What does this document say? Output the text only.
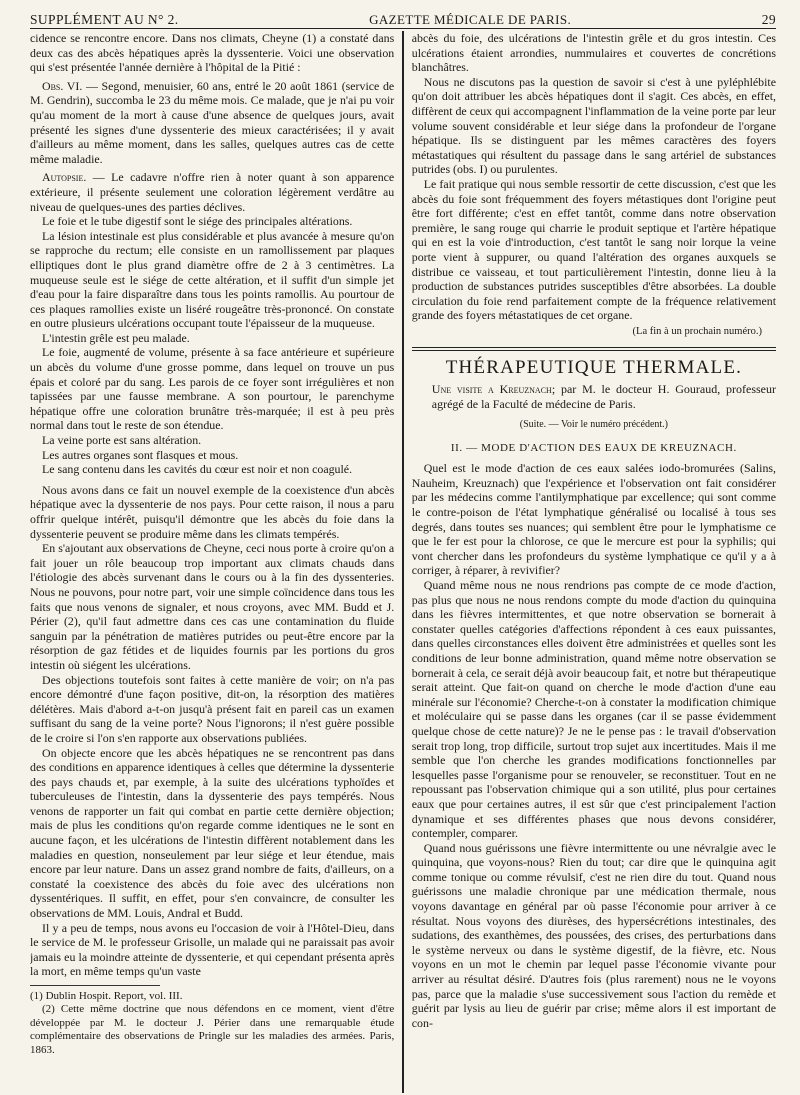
SUPPLÉMENT AU N° 2.	GAZETTE MÉDICALE DE PARIS.	29

cidence se rencontre encore. Dans nos climats, Cheyne (1) a constaté dans deux cas des abcès hépatiques après la dyssenterie. Voici une observation qui s'est présentée l'année dernière à l'hôpital de la Pitié :

Obs. VI. — Segond, menuisier, 60 ans, entré le 20 août 1861 (service de M. Gendrin), succomba le 23 du même mois. Ce malade, que je n'ai pu voir qu'au moment de la mort à cause d'une absence de quelques jours, avait présenté les signes d'une dyssenterie des mieux caractérisées; il y avait d'ailleurs au même moment, dans les salles, quelques autres cas de cette même maladie.

Autopsie. — Le cadavre n'offre rien à noter quant à son apparence extérieure, il présente seulement une coloration légèrement verdâtre au niveau de quelques-unes des parties déclives.

Le foie et le tube digestif sont le siége des principales altérations.

La lésion intestinale est plus considérable et plus avancée à mesure qu'on se rapproche du rectum; elle consiste en un ramollissement par plaques elliptiques dont le plus grand diamètre offre de 2 à 3 centimètres. La muqueuse seule est le siége de cette altération, et il suffit d'un simple jet d'eau pour la faire disparaître dans tous les points ramollis. Au pourtour de ces plaques ramollies existe un liséré rougeâtre très-prononcé. On constate en outre plusieurs ulcérations occupant toute l'épaisseur de la muqueuse.

L'intestin grêle est peu malade.

Le foie, augmenté de volume, présente à sa face antérieure et supérieure un abcès du volume d'une grosse pomme, dans lequel on trouve un pus épais et coloré par du sang. Les parois de ce foyer sont irrégulières et non tapissées par une fausse membrane. A son pourtour, le parenchyme hépatique offre une coloration brunâtre très-marquée; il est à peu près normal dans tout le reste de son étendue.

La veine porte est sans altération.

Les autres organes sont flasques et mous.

Le sang contenu dans les cavités du cœur est noir et non coagulé.

Nous avons dans ce fait un nouvel exemple de la coexistence d'un abcès hépatique avec la dyssenterie de nos pays. Pour cette raison, il nous a paru offrir quelque intérêt, puisqu'il démontre que les abcès du foie dans la dyssenterie peuvent se produire même dans les climats tempérés.

En s'ajoutant aux observations de Cheyne, ceci nous porte à croire qu'on a fait jouer un rôle beaucoup trop important aux climats chauds dans l'étiologie des abcès survenant dans le cours ou à la fin des dyssenteries. Nous ne pouvons, pour notre part, voir une simple coïncidence dans tous les faits que nous venons de signaler, et nous croyons, avec MM. Budd et J. Périer (2), qu'il faut admettre dans ces cas une contamination du fluide sanguin par la pénétration de matières putrides ou peut-être encore par la résorption de gaz fétides et de liquides fournis par les portions du gros intestin où siégent les ulcérations.

Des objections toutefois sont faites à cette manière de voir; on n'a pas encore démontré d'une façon positive, dit-on, la résorption des matières délétères. Mais d'abord a-t-on jusqu'à présent fait en pareil cas un examen suffisant du sang de la veine porte? Nous l'ignorons; il n'est guère possible de le croire si l'on s'en rapporte aux observations publiées.

On objecte encore que les abcès hépatiques ne se rencontrent pas dans des conditions en apparence identiques à celles que détermine la dyssenterie des pays chauds et, par exemple, à la suite des ulcérations typhoïdes et tuberculeuses de l'intestin, dans la dyssenterie des pays tempérés. Nous venons de rapporter un fait qui combat en partie cette dernière objection; mais de plus les conditions qu'on regarde comme identiques ne le sont en aucune façon, et les ulcérations de l'intestin diffèrent notablement dans les maladies en question, nonseulement par leur siége et leur étendue, mais encore par leur nature. Dans un assez grand nombre de faits, d'ailleurs, on a constaté la coexistence des abcès du foie avec des ulcérations non dyssentériques. Il suffit, en effet, pour s'en convaincre, de consulter les observations de MM. Louis, Andral et Budd.

Il y a peu de temps, nous avons eu l'occasion de voir à l'Hôtel-Dieu, dans le service de M. le professeur Grisolle, un malade qui ne paraissait pas avoir jamais eu la moindre atteinte de dyssenterie, et qui cependant présenta après la mort, en même temps qu'un vaste

(1) Dublin Hospit. Report, vol. III.

(2) Cette même doctrine que nous défendons en ce moment, vient d'être développée par M. le docteur J. Périer dans une remarquable étude complémentaire des observations de Pringle sur les maladies des armées. Paris, 1863.

abcès du foie, des ulcérations de l'intestin grêle et du gros intestin. Ces ulcérations étaient arrondies, nummulaires et couvertes de concrétions blanchâtres.

Nous ne discutons pas la question de savoir si c'est à une pyléphlébite qu'on doit attribuer les abcès hépatiques dont il s'agit. Ces abcès, en effet, diffèrent de ceux qui accompagnent l'inflammation de la veine porte par leur volume souvent considérable et leur siége dans la profondeur de l'organe hépatique. Ils se distinguent par les mêmes caractères des foyers métastatiques qui résultent du passage dans le sang artériel de substances putrides (obs. I) ou purulentes.

Le fait pratique qui nous semble ressortir de cette discussion, c'est que les abcès du foie sont fréquemment des foyers métastiques dont l'origine peut être fort différente; c'est en effet tantôt, comme dans notre observation première, le sang rouge qui charrie le produit septique et l'artère hépatique qui en est la voie d'introduction, c'est tantôt le sang noir lorque la veine porte vient à suppurer, ou quand l'altération des organes auxquels se distribue ce vaisseau, et tout particulièrement l'intestin, donne lieu à la production de substances putrides susceptibles d'être absorbées. La double circulation du foie rend parfaitement compte de la fréquence relativement grande des foyers métastatiques de cet organe.

(La fin à un prochain numéro.)
THÉRAPEUTIQUE THERMALE.

Une visite a Kreuznach; par M. le docteur H. Gouraud, professeur agrégé de la Faculté de médecine de Paris.

(Suite. — Voir le numéro précédent.)
II. — MODE D'ACTION DES EAUX DE KREUZNACH.

Quel est le mode d'action de ces eaux salées iodo-bromurées (Salins, Nauheim, Kreuznach) que l'expérience et l'observation ont fait considérer par les médecins comme l'antilymphatique par excellence; qui sont comme le contre-poison de l'état lymphatique généralisé ou localisé à tous ses degrés, dans toutes ses nuances; qui semblent être pour le lymphatisme ce que le fer est pour la chlorose, ce que le mercure est pour la syphilis; qui vont chercher dans les profondeurs du système lymphatique ce qu'il y a à corriger, à réparer, à revivifier?

Quand même nous ne nous rendrions pas compte de ce mode d'action, pas plus que nous ne nous rendons compte du mode d'action du quinquina dans les fièvres intermittentes, et que notre observation se bornerait à constater quelles catégories d'affections répondent à ces eaux puissantes, dans quelles circonstances elles doivent être administrées et quelles sont les conditions de leur bonne administration, quand même notre observation se bornerait à cela, ce serait déjà avoir beaucoup fait, et notre but thérapeutique serait atteint. Que fait-on quand on cherche le mode d'action d'une eau minérale sur l'économie? Cherche-t-on à constater la modification chimique et moléculaire qui se passe dans les organes (car il se passe évidemment quelque chose de cette nature)? Je ne le pense pas : le travail d'observation serait trop long, trop difficile, surtout trop sujet aux incertitudes. Mais il me semble que l'on cherche les grandes modifications fonctionnelles par lesquelles passe l'organisme pour se renouveler, se reconstituer. Tout en ne repoussant pas l'observation chimique qui a son utilité, plus pour certaines eaux que pour certaines autres, il est sûr que c'est principalement l'action dynamique et ses différentes phases que nous devons considérer, contempler, comparer.

Quand nous guérissons une fièvre intermittente ou une névralgie avec le quinquina, que voyons-nous? Rien du tout; car dire que le quinquina agit comme tonique ou comme révulsif, c'est ne rien dire du tout. Quand nous guérissons une maladie chronique par une médication thermale, nous voyons davantage en général par où passe l'économie pour arriver à ce résultat. Nous voyons des diurèses, des hypersécrétions intestinales, des sudations, des exanthèmes, des poussées, des crises, des perturbations dans le système nerveux ou dans le système digestif, de la fièvre, etc. Nous voyons en un mot le chemin par lequel passe l'économie vivante pour arriver au résultat désiré. D'autres fois (plus rarement) nous ne le voyons pas, parce que la maladie s'use successivement sous l'action du remède et guérit par lysis au lieu de guérir par crise; même alors il est important de con-
